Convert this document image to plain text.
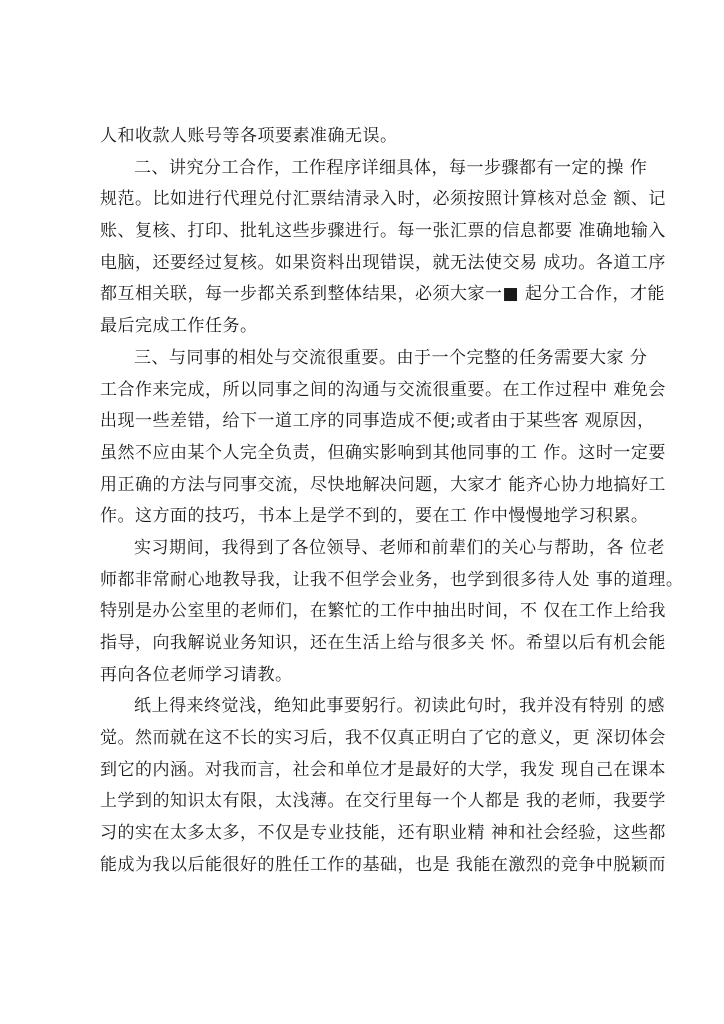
人和收款人账号等各项要素准确无误。
二、讲究分工合作，工作程序详细具体，每一步骤都有一定的操 作
规范。比如进行代理兑付汇票结清录入时，必须按照计算核对总金 额、记
账、复核、打印、批轧这些步骤进行。每一张汇票的信息都要 准确地输入
电脑，还要经过复核。如果资料出现错误，就无法使交易 成功。各道工序
都互相关联，每一步都关系到整体结果，必须大家一■ 起分工合作，才能
最后完成工作任务。
三、与同事的相处与交流很重要。由于一个完整的任务需要大家 分
工合作来完成，所以同事之间的沟通与交流很重要。在工作过程中 难免会
出现一些差错，给下一道工序的同事造成不便;或者由于某些客 观原因，
虽然不应由某个人完全负责，但确实影响到其他同事的工 作。这时一定要
用正确的方法与同事交流，尽快地解决问题，大家才 能齐心协力地搞好工
作。这方面的技巧，书本上是学不到的，要在工 作中慢慢地学习积累。
实习期间，我得到了各位领导、老师和前辈们的关心与帮助，各 位老
师都非常耐心地教导我，让我不但学会业务，也学到很多待人处 事的道理。
特别是办公室里的老师们，在繁忙的工作中抽出时间，不 仅在工作上给我
指导，向我解说业务知识，还在生活上给与很多关 怀。希望以后有机会能
再向各位老师学习请教。
纸上得来终觉浅，绝知此事要躬行。初读此句时，我并没有特别 的感
觉。然而就在这不长的实习后，我不仅真正明白了它的意义，更 深切体会
到它的内涵。对我而言，社会和单位才是最好的大学，我发 现自己在课本
上学到的知识太有限，太浅薄。在交行里每一个人都是 我的老师，我要学
习的实在太多太多，不仅是专业技能，还有职业精 神和社会经验，这些都
能成为我以后能很好的胜任工作的基础，也是 我能在激烈的竞争中脱颖而
